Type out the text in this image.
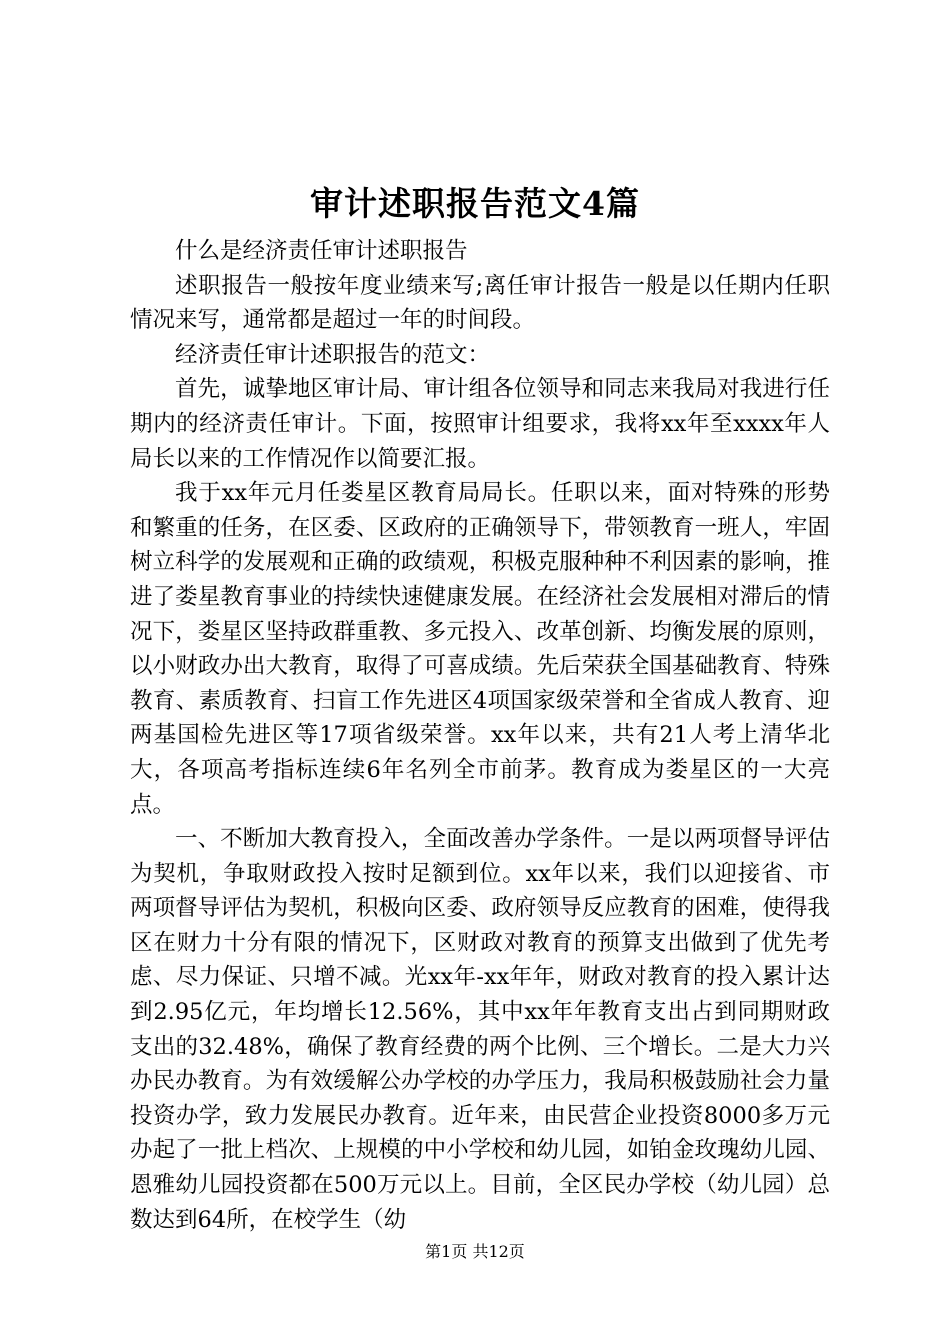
审计述职报告范文4篇

什么是经济责任审计述职报告

述职报告一般按年度业绩来写;离任审计报告一般是以任期内任职情况来写，通常都是超过一年的时间段。

经济责任审计述职报告的范文：

首先，诚挚地区审计局、审计组各位领导和同志来我局对我进行任期内的经济责任审计。下面，按照审计组要求，我将xx年至xxxx年人局长以来的工作情况作以简要汇报。

我于xx年元月任娄星区教育局局长。任职以来，面对特殊的形势和繁重的任务，在区委、区政府的正确领导下，带领教育一班人，牢固树立科学的发展观和正确的政绩观，积极克服种种不利因素的影响，推进了娄星教育事业的持续快速健康发展。在经济社会发展相对滞后的情况下，娄星区坚持政群重教、多元投入、改革创新、均衡发展的原则，以小财政办出大教育，取得了可喜成绩。先后荣获全国基础教育、特殊教育、素质教育、扫盲工作先进区4项国家级荣誉和全省成人教育、迎两基国检先进区等17项省级荣誉。xx年以来，共有21人考上清华北大，各项高考指标连续6年名列全市前茅。教育成为娄星区的一大亮点。

一、不断加大教育投入，全面改善办学条件。一是以两项督导评估为契机，争取财政投入按时足额到位。xx年以来，我们以迎接省、市两项督导评估为契机，积极向区委、政府领导反应教育的困难，使得我区在财力十分有限的情况下，区财政对教育的预算支出做到了优先考虑、尽力保证、只增不减。光xx年-xx年年，财政对教育的投入累计达到2.95亿元，年均增长12.56%，其中xx年年教育支出占到同期财政支出的32.48%，确保了教育经费的两个比例、三个增长。二是大力兴办民办教育。为有效缓解公办学校的办学压力，我局积极鼓励社会力量投资办学，致力发展民办教育。近年来，由民营企业投资8000多万元办起了一批上档次、上规模的中小学校和幼儿园，如铂金玫瑰幼儿园、恩雅幼儿园投资都在500万元以上。目前，全区民办学校（幼儿园）总数达到64所，在校学生（幼

第1页 共12页
